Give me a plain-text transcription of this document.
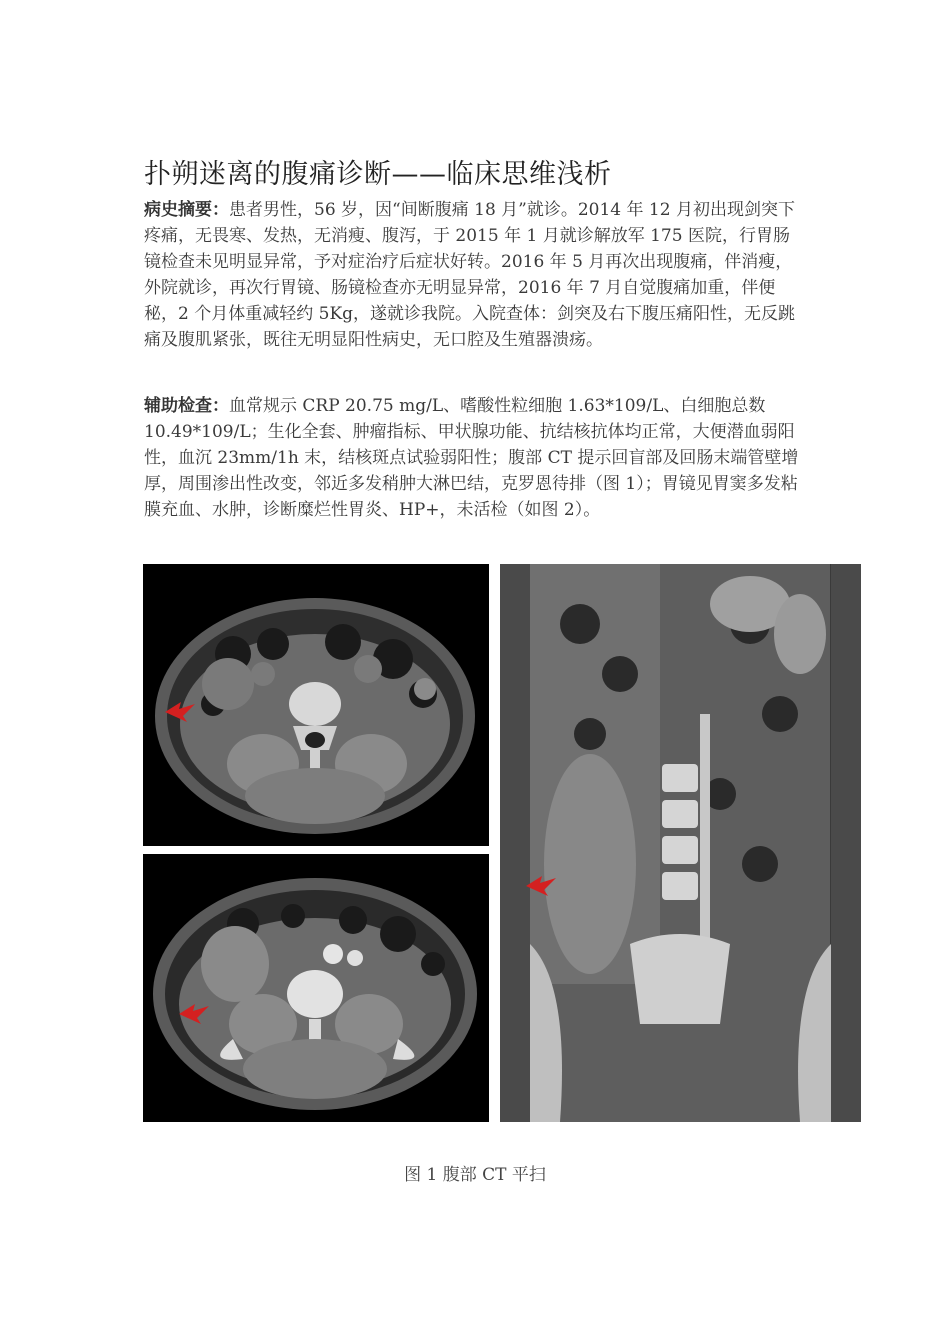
扑朔迷离的腹痛诊断——临床思维浅析

病史摘要：患者男性，56 岁，因“间断腹痛 18 月”就诊。2014 年 12 月初出现剑突下疼痛，无畏寒、发热，无消瘦、腹泻，于 2015 年 1 月就诊解放军 175 医院，行胃肠镜检查未见明显异常，予对症治疗后症状好转。2016 年 5 月再次出现腹痛，伴消瘦，外院就诊，再次行胃镜、肠镜检查亦无明显异常，2016 年 7 月自觉腹痛加重，伴便秘，2 个月体重减轻约 5Kg，遂就诊我院。入院查体：剑突及右下腹压痛阳性，无反跳痛及腹肌紧张，既往无明显阳性病史，无口腔及生殖器溃疡。

辅助检查：血常规示 CRP 20.75 mg/L、嗜酸性粒细胞 1.63*109/L、白细胞总数 10.49*109/L；生化全套、肿瘤指标、甲状腺功能、抗结核抗体均正常，大便潜血弱阳性，血沉 23mm/1h 末，结核斑点试验弱阳性；腹部 CT 提示回盲部及回肠末端管壁增厚，周围渗出性改变，邻近多发稍肿大淋巴结，克罗恩待排（图 1）；胃镜见胃窦多发粘膜充血、水肿，诊断糜烂性胃炎、HP+，未活检（如图 2）。

图 1 腹部 CT 平扫
